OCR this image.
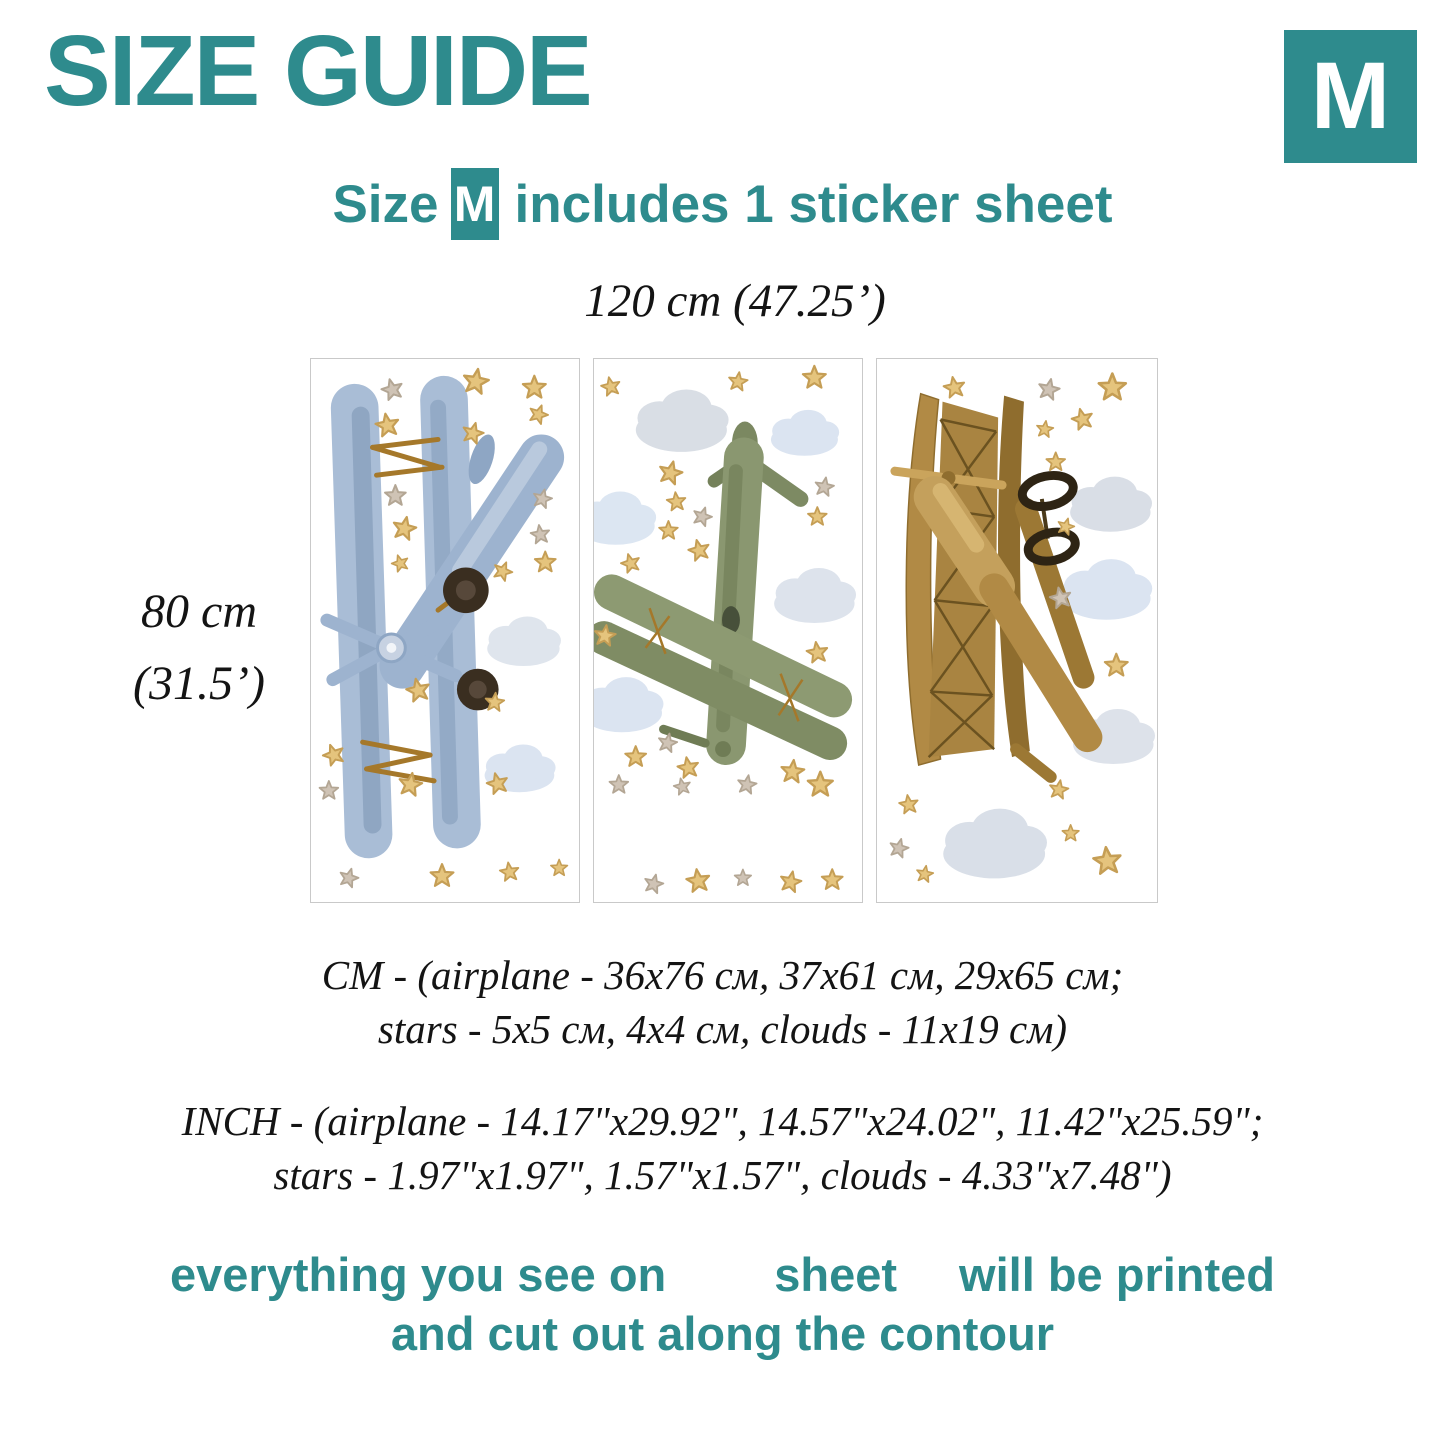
SIZE GUIDE	M
Size M includes 1 sticker sheet
120 cm (47.25’)
80 cm
(31.5’)
CM - (airplane - 36x76 см, 37x61 см, 29x65 см;
stars - 5x5 см, 4x4 см, clouds - 11x19 см)
INCH - (airplane - 14.17"x29.92", 14.57"x24.02", 11.42"x25.59";
stars - 1.97"x1.97", 1.57"x1.57", clouds - 4.33"x7.48")
everything you see on sheet will be printed
and cut out along the contour
